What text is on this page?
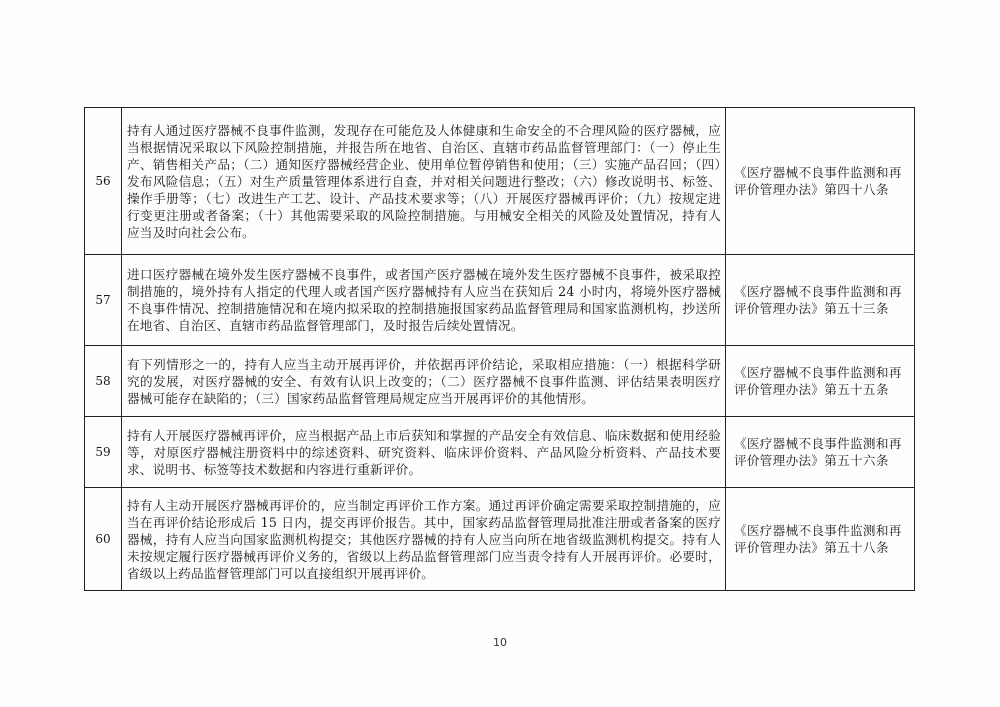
56	持有人通过医疗器械不良事件监测，发现存在可能危及人体健康和生命安全的不合理风险的医疗器械，应当根据情况采取以下风险控制措施，并报告所在地省、自治区、直辖市药品监督管理部门：（一）停止生产、销售相关产品；（二）通知医疗器械经营企业、使用单位暂停销售和使用；（三）实施产品召回；（四）发布风险信息；（五）对生产质量管理体系进行自查，并对相关问题进行整改；（六）修改说明书、标签、操作手册等；（七）改进生产工艺、设计、产品技术要求等；（八）开展医疗器械再评价；（九）按规定进行变更注册或者备案；（十）其他需要采取的风险控制措施。与用械安全相关的风险及处置情况，持有人应当及时向社会公布。	《医疗器械不良事件监测和再评价管理办法》第四十八条

57	进口医疗器械在境外发生医疗器械不良事件，或者国产医疗器械在境外发生医疗器械不良事件，被采取控制措施的，境外持有人指定的代理人或者国产医疗器械持有人应当在获知后 24 小时内，将境外医疗器械不良事件情况、控制措施情况和在境内拟采取的控制措施报国家药品监督管理局和国家监测机构，抄送所在地省、自治区、直辖市药品监督管理部门，及时报告后续处置情况。	《医疗器械不良事件监测和再评价管理办法》第五十三条

58	有下列情形之一的，持有人应当主动开展再评价，并依据再评价结论，采取相应措施：（一）根据科学研究的发展，对医疗器械的安全、有效有认识上改变的；（二）医疗器械不良事件监测、评估结果表明医疗器械可能存在缺陷的；（三）国家药品监督管理局规定应当开展再评价的其他情形。	《医疗器械不良事件监测和再评价管理办法》第五十五条

59	持有人开展医疗器械再评价，应当根据产品上市后获知和掌握的产品安全有效信息、临床数据和使用经验等，对原医疗器械注册资料中的综述资料、研究资料、临床评价资料、产品风险分析资料、产品技术要求、说明书、标签等技术数据和内容进行重新评价。	《医疗器械不良事件监测和再评价管理办法》第五十六条

60	持有人主动开展医疗器械再评价的，应当制定再评价工作方案。通过再评价确定需要采取控制措施的，应当在再评价结论形成后 15 日内，提交再评价报告。其中，国家药品监督管理局批准注册或者备案的医疗器械，持有人应当向国家监测机构提交；其他医疗器械的持有人应当向所在地省级监测机构提交。持有人未按规定履行医疗器械再评价义务的，省级以上药品监督管理部门应当责令持有人开展再评价。必要时，省级以上药品监督管理部门可以直接组织开展再评价。	《医疗器械不良事件监测和再评价管理办法》第五十八条
10
